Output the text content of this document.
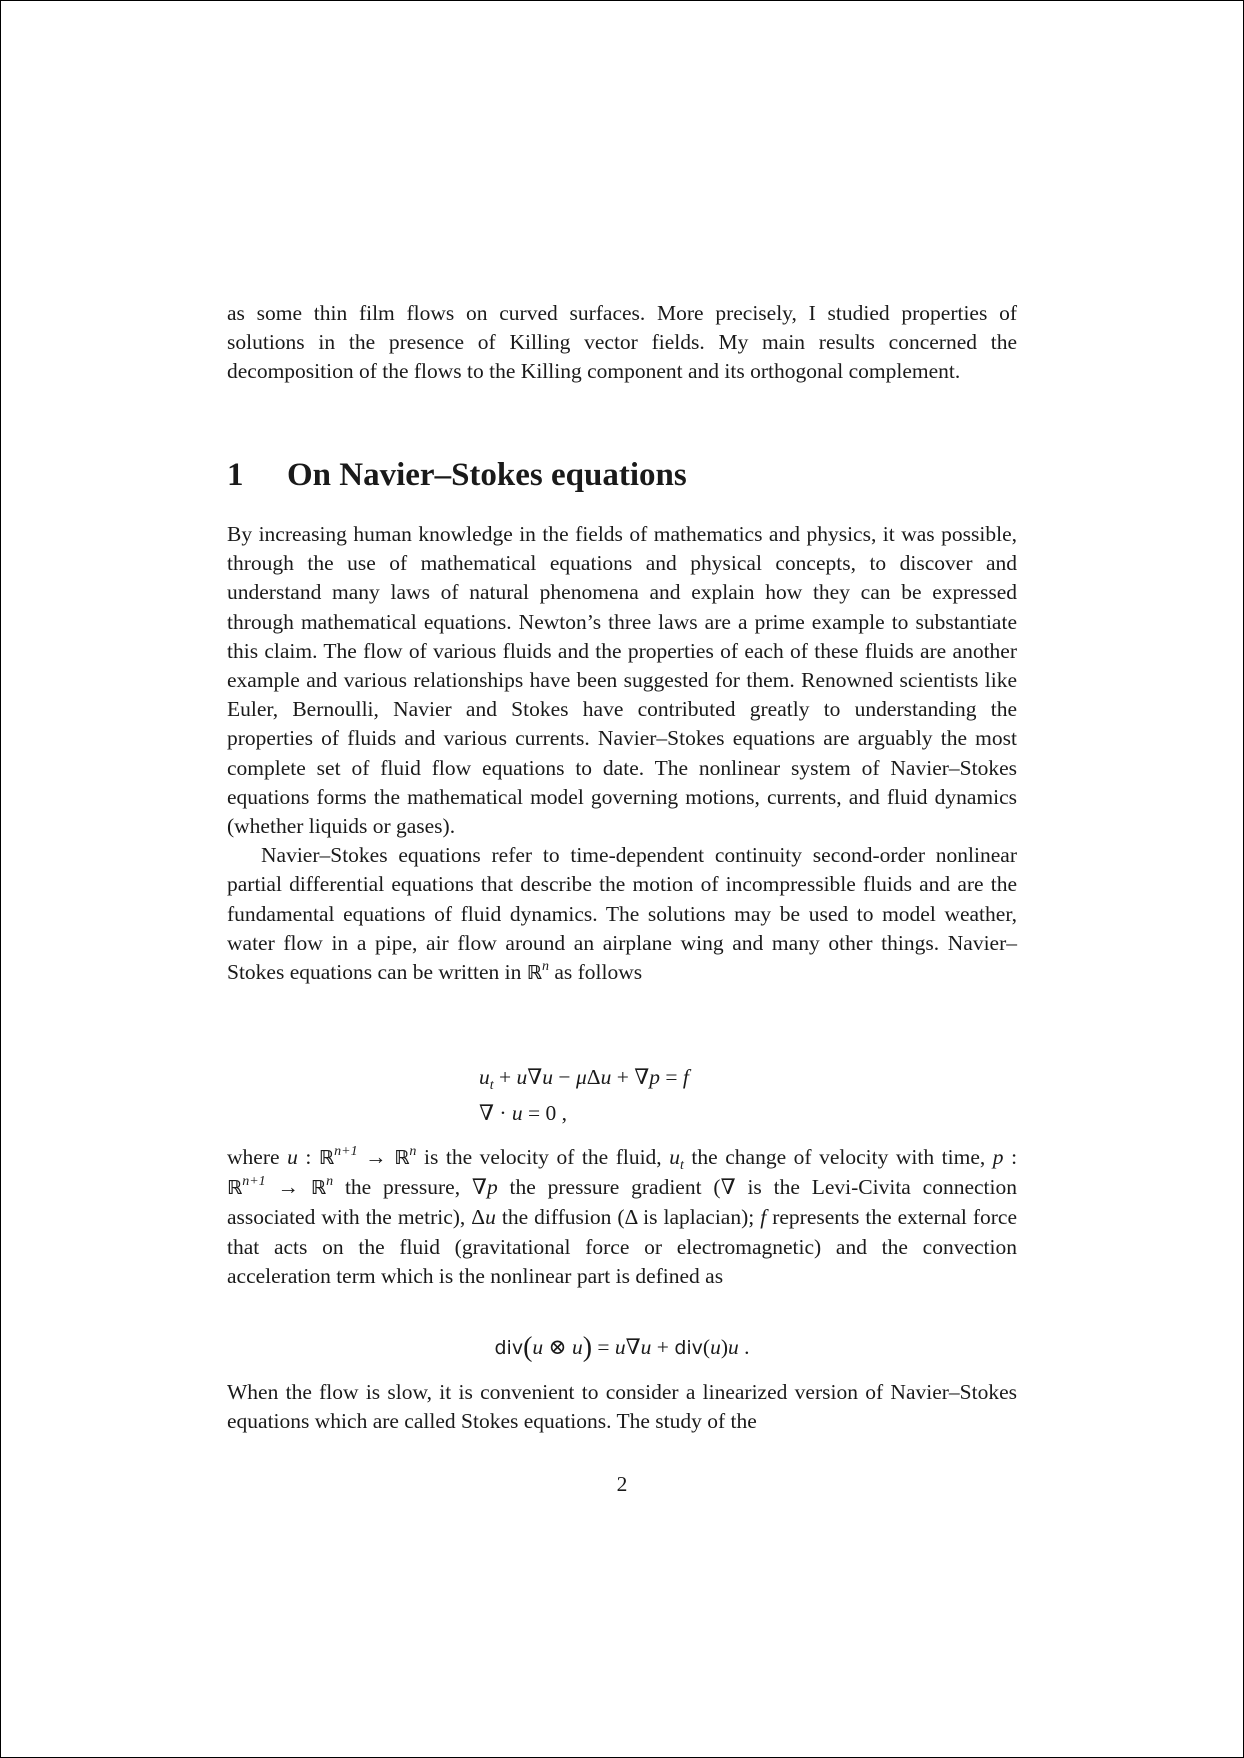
as some thin film flows on curved surfaces. More precisely, I studied properties of solutions in the presence of Killing vector fields. My main results concerned the decomposition of the flows to the Killing component and its orthogonal complement.
1 On Navier–Stokes equations

By increasing human knowledge in the fields of mathematics and physics, it was possible, through the use of mathematical equations and physical concepts, to discover and understand many laws of natural phenomena and explain how they can be expressed through mathematical equations. Newton’s three laws are a prime example to substantiate this claim. The flow of various fluids and the properties of each of these fluids are another example and various relationships have been suggested for them. Renowned scientists like Euler, Bernoulli, Navier and Stokes have contributed greatly to understanding the properties of fluids and various currents. Navier–Stokes equations are arguably the most complete set of fluid flow equations to date. The nonlinear system of Navier–Stokes equations forms the mathematical model governing motions, currents, and fluid dynamics (whether liquids or gases).

Navier–Stokes equations refer to time-dependent continuity second-order nonlinear partial differential equations that describe the motion of incompressible fluids and are the fundamental equations of fluid dynamics. The solutions may be used to model weather, water flow in a pipe, air flow around an airplane wing and many other things. Navier–Stokes equations can be written in ℝ$^n$ as follows

$u_t + u\nabla u - \mu\Delta u + \nabla p = f$
∇ · u = 0 ,
where u : ℝ$^{n+1}$ → ℝ$^n$ is the velocity of the fluid, $u_t$ the change of velocity with time, p : ℝ$^{n+1}$ → ℝ$^n$ the pressure, ∇p the pressure gradient (∇ is the Levi-Civita connection associated with the metric), Δu the diffusion (Δ is laplacian); f represents the external force that acts on the fluid (gravitational force or electromagnetic) and the convection acceleration term which is the nonlinear part is defined as
div(u ⊗ u) = u∇u + div(u)u .
When the flow is slow, it is convenient to consider a linearized version of Navier–Stokes equations which are called Stokes equations. The study of the
2
